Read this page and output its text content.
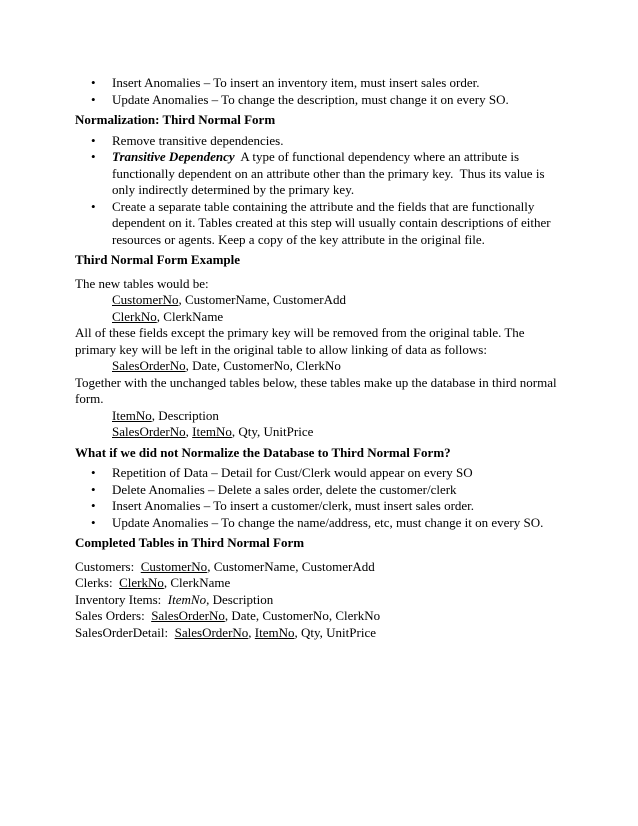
• Insert Anomalies – To insert an inventory item, must insert sales order.
• Update Anomalies – To change the description, must change it on every SO.
Normalization: Third Normal Form
• Remove transitive dependencies.
• Transitive Dependency  A type of functional dependency where an attribute is functionally dependent on an attribute other than the primary key.  Thus its value is only indirectly determined by the primary key.
• Create a separate table containing the attribute and the fields that are functionally dependent on it. Tables created at this step will usually contain descriptions of either resources or agents. Keep a copy of the key attribute in the original file.
Third Normal Form Example

The new tables would be:

CustomerNo, CustomerName, CustomerAdd

ClerkNo, ClerkName

All of these fields except the primary key will be removed from the original table. The primary key will be left in the original table to allow linking of data as follows:

SalesOrderNo, Date, CustomerNo, ClerkNo

Together with the unchanged tables below, these tables make up the database in third normal form.

ItemNo, Description

SalesOrderNo, ItemNo, Qty, UnitPrice

What if we did not Normalize the Database to Third Normal Form?
• Repetition of Data – Detail for Cust/Clerk would appear on every SO
• Delete Anomalies – Delete a sales order, delete the customer/clerk
• Insert Anomalies – To insert a customer/clerk, must insert sales order.
• Update Anomalies – To change the name/address, etc, must change it on every SO.
Completed Tables in Third Normal Form

Customers:  CustomerNo, CustomerName, CustomerAdd

Clerks:  ClerkNo, ClerkName

Inventory Items:  ItemNo, Description

Sales Orders:  SalesOrderNo, Date, CustomerNo, ClerkNo

SalesOrderDetail:  SalesOrderNo, ItemNo, Qty, UnitPrice
